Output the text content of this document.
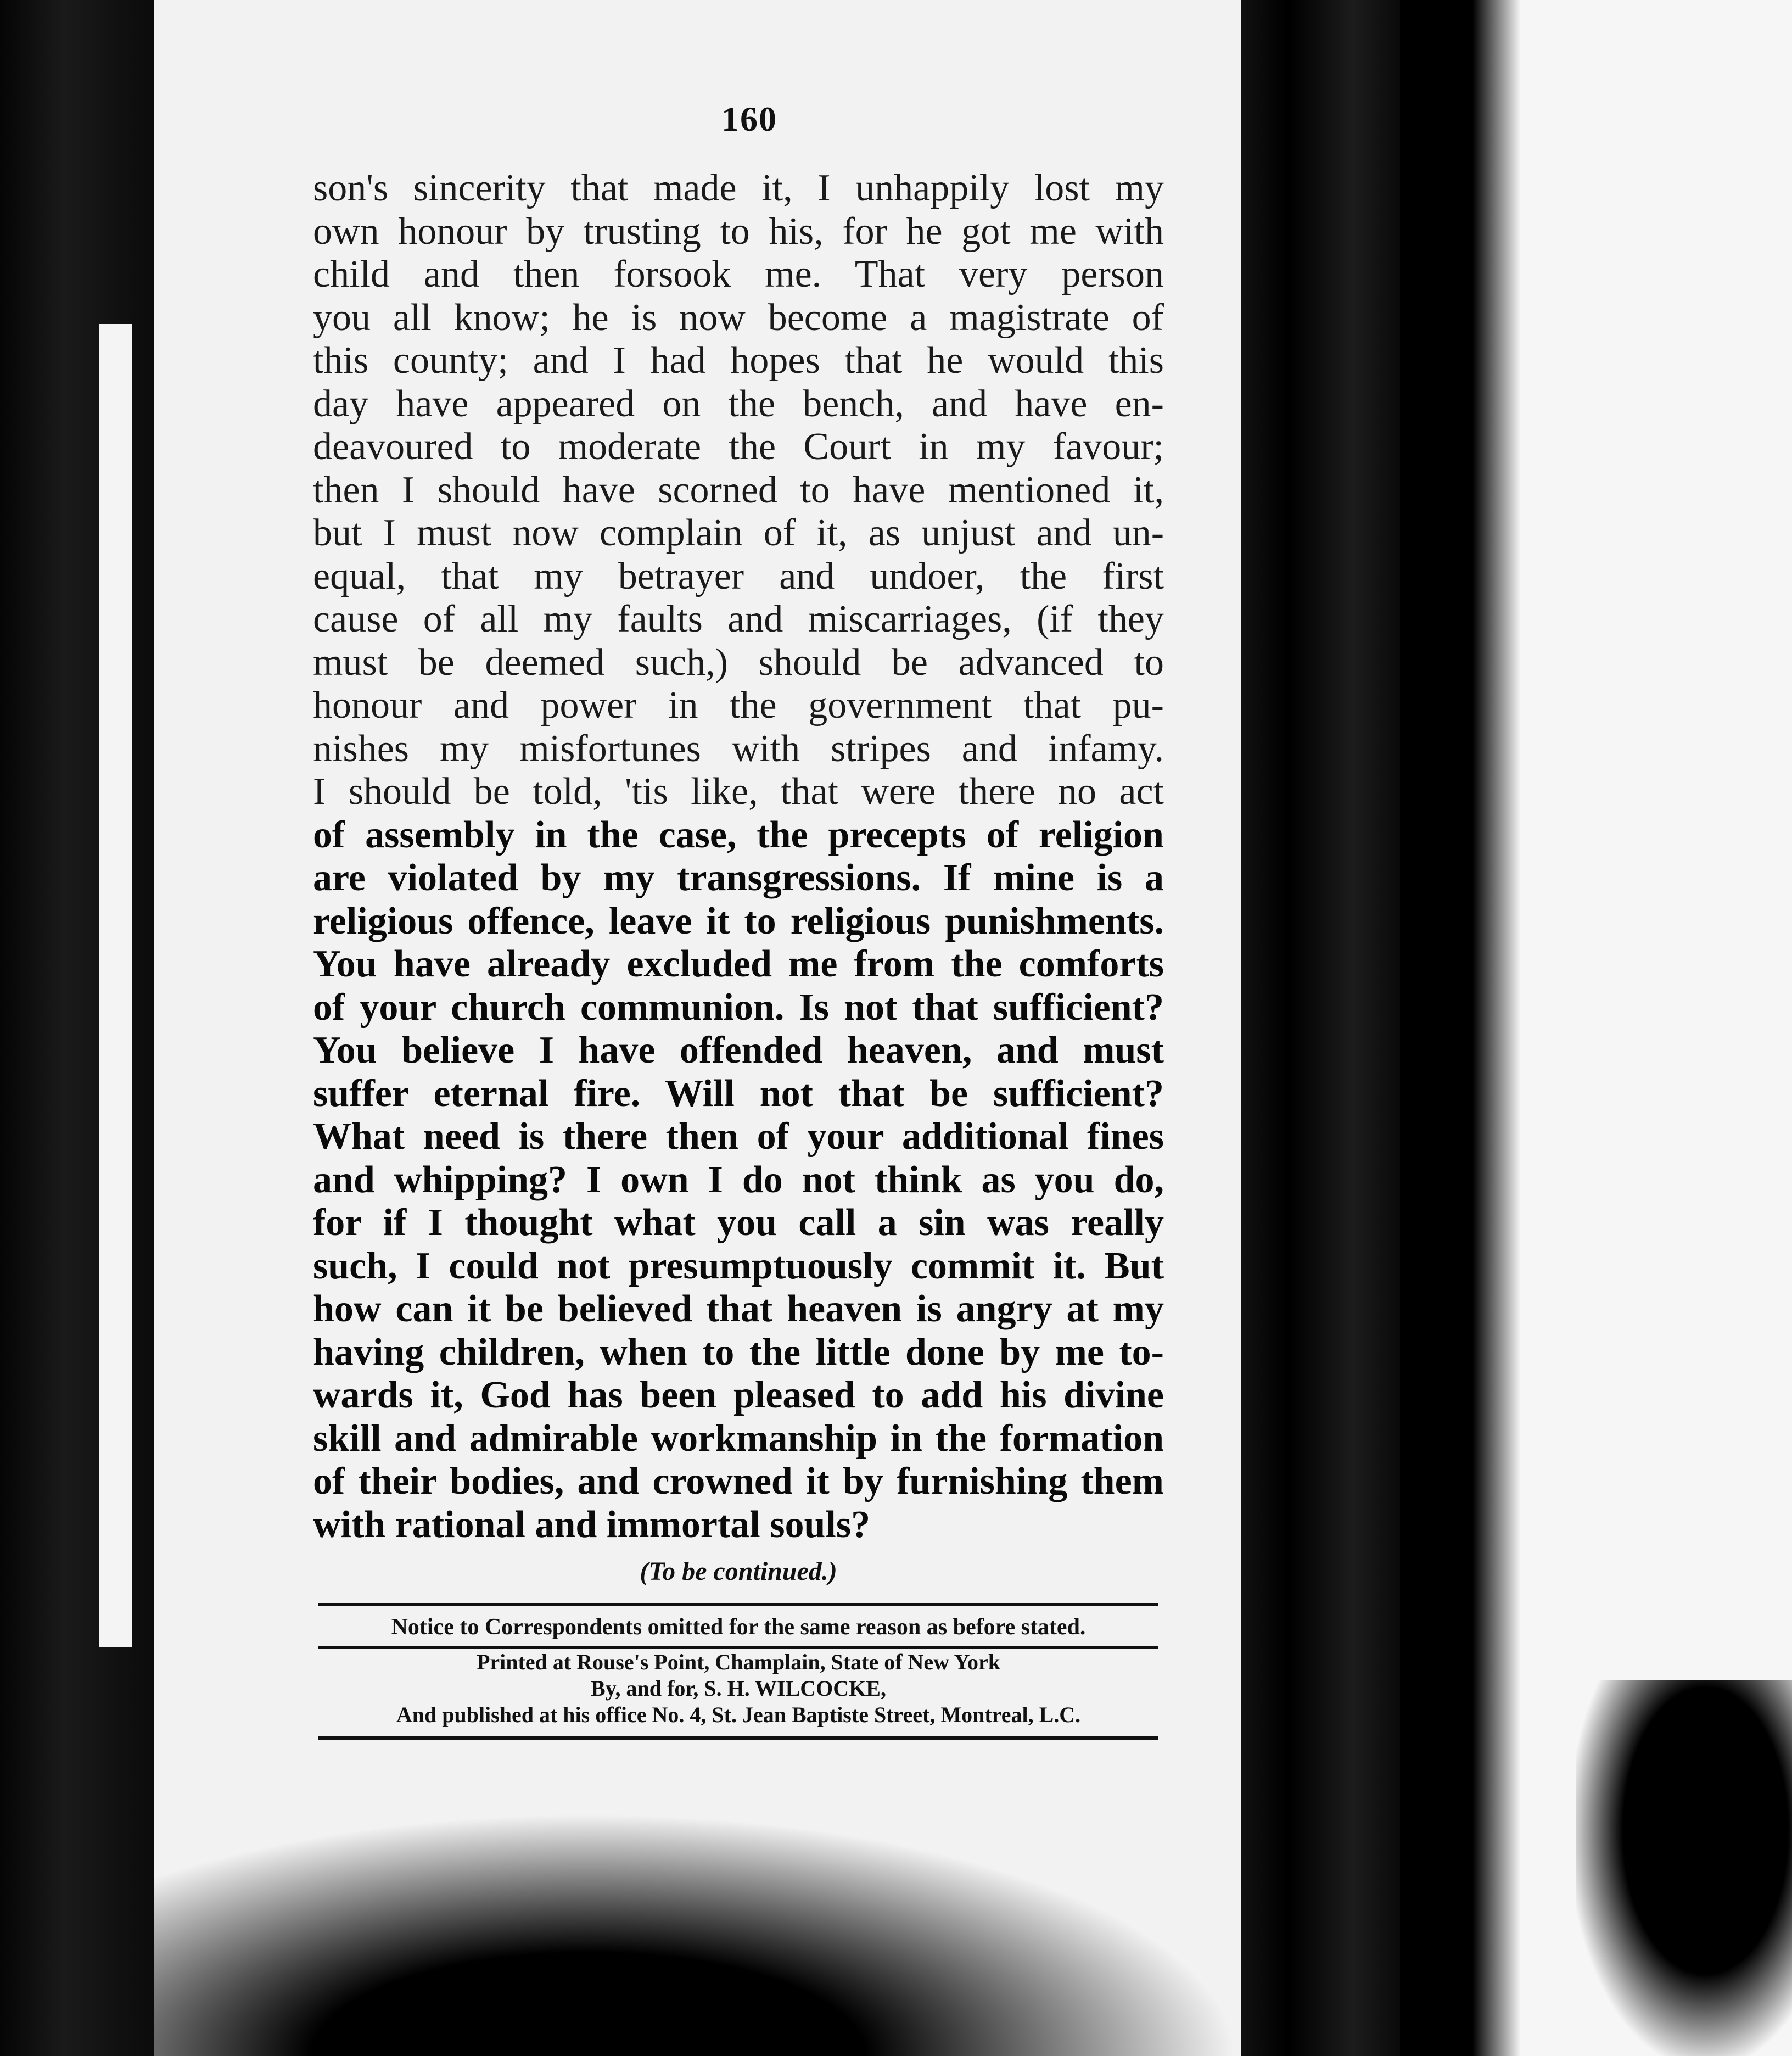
160
son's sincerity that made it, I unhappily lost my
own honour by trusting to his, for he got me with
child and then forsook me. That very person
you all know; he is now become a magistrate of
this county; and I had hopes that he would this
day have appeared on the bench, and have en-
deavoured to moderate the Court in my favour;
then I should have scorned to have mentioned it,
but I must now complain of it, as unjust and un-
equal, that my betrayer and undoer, the first
cause of all my faults and miscarriages, (if they
must be deemed such,) should be advanced to
honour and power in the government that pu-
nishes my misfortunes with stripes and infamy.
I should be told, 'tis like, that were there no act
of assembly in the case, the precepts of religion
are violated by my transgressions. If mine is a
religious offence, leave it to religious punishments.
You have already excluded me from the comforts
of your church communion. Is not that sufficient?
You believe I have offended heaven, and must
suffer eternal fire. Will not that be sufficient?
What need is there then of your additional fines
and whipping? I own I do not think as you do,
for if I thought what you call a sin was really
such, I could not presumptuously commit it. But
how can it be believed that heaven is angry at my
having children, when to the little done by me to-
wards it, God has been pleased to add his divine
skill and admirable workmanship in the formation
of their bodies, and crowned it by furnishing them
with rational and immortal souls?
(To be continued.)
Notice to Correspondents omitted for the same reason as before stated.
Printed at Rouse's Point, Champlain, State of New York
By, and for, S. H. WILCOCKE,
And published at his office No. 4, St. Jean Baptiste Street, Montreal, L.C.
